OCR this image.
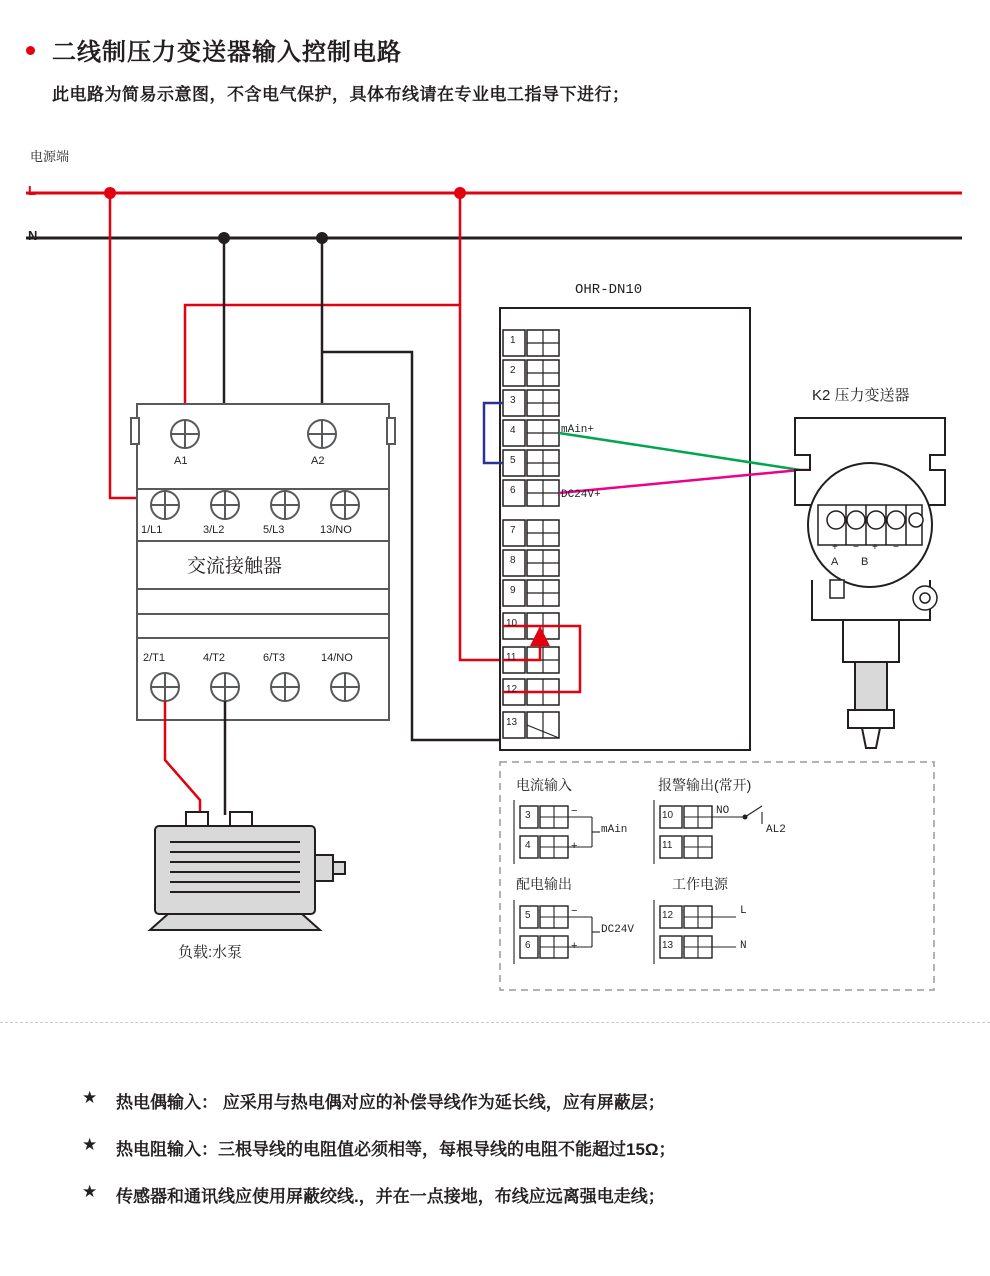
二线制压力变送器输入控制电路
此电路为简易示意图，不含电气保护，具体布线请在专业电工指导下进行；
电源端
L
N
OHR-DN10
A1	A2
1/L1	3/L2	5/L3	13/NO
交流接触器
2/T1	4/T2	6/T3	14/NO
负载:水泵
K2 压力变送器
+ − + −
A B
1
2
3
4
5
6
7
8
9
10
11
12
13
mAin+
DC24V+
电流输入
3
4
−
+
mAin
报警输出(常开)
10
11
NO
AL2
配电输出
5
6
−
+
DC24V
工作电源
12
13
L
N
★ 热电偶输入： 应采用与热电偶对应的补偿导线作为延长线，应有屏蔽层；
★ 热电阻输入：三根导线的电阻值必须相等，每根导线的电阻不能超过15Ω；
★ 传感器和通讯线应使用屏蔽绞线.，并在一点接地，布线应远离强电走线；
